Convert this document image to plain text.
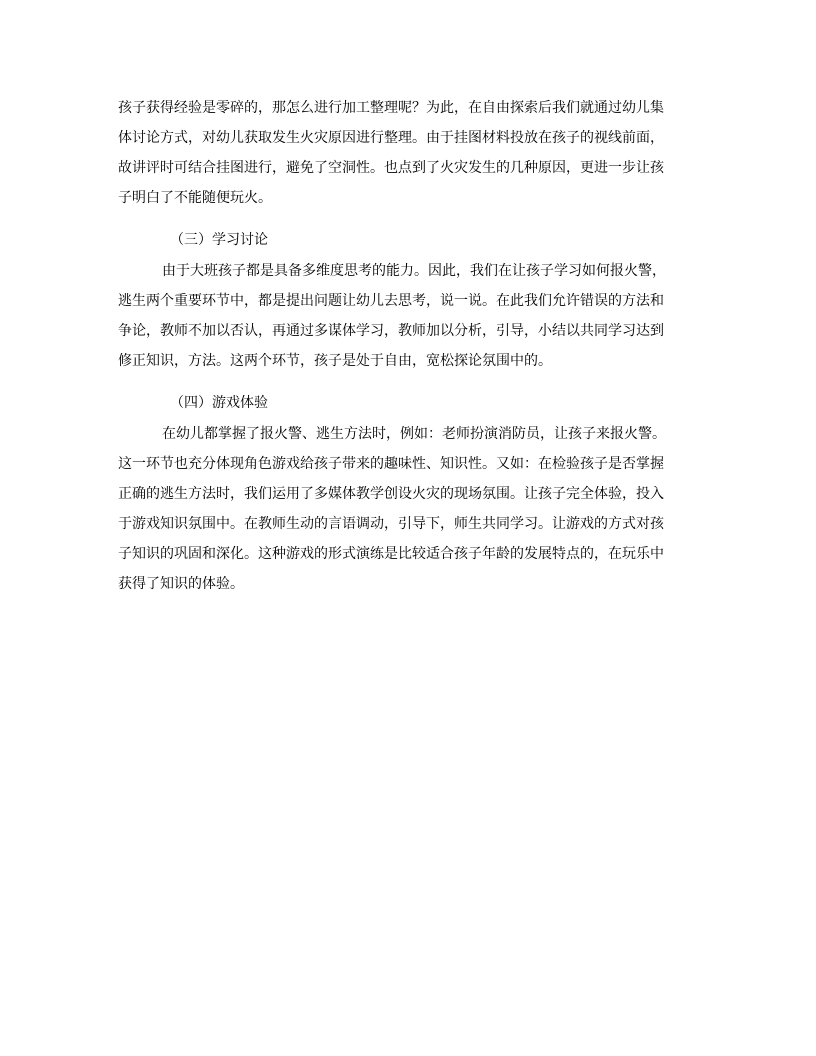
孩子获得经验是零碎的，那怎么进行加工整理呢？为此，在自由探索后我们就通过幼儿集
体讨论方式，对幼儿获取发生火灾原因进行整理。由于挂图材料投放在孩子的视线前面，
故讲评时可结合挂图进行，避免了空洞性。也点到了火灾发生的几种原因，更进一步让孩
子明白了不能随便玩火。
（三）学习讨论
由于大班孩子都是具备多维度思考的能力。因此，我们在让孩子学习如何报火警，
逃生两个重要环节中，都是提出问题让幼儿去思考，说一说。在此我们允许错误的方法和
争论，教师不加以否认，再通过多谋体学习，教师加以分析，引导，小结以共同学习达到
修正知识，方法。这两个环节，孩子是处于自由，宽松探论氛围中的。
（四）游戏体验
在幼儿都掌握了报火警、逃生方法时，例如：老师扮演消防员，让孩子来报火警。
这一环节也充分体现角色游戏给孩子带来的趣味性、知识性。又如：在检验孩子是否掌握
正确的逃生方法时，我们运用了多媒体教学创设火灾的现场氛围。让孩子完全体验，投入
于游戏知识氛围中。在教师生动的言语调动，引导下，师生共同学习。让游戏的方式对孩
子知识的巩固和深化。这种游戏的形式演练是比较适合孩子年龄的发展特点的，在玩乐中
获得了知识的体验。
